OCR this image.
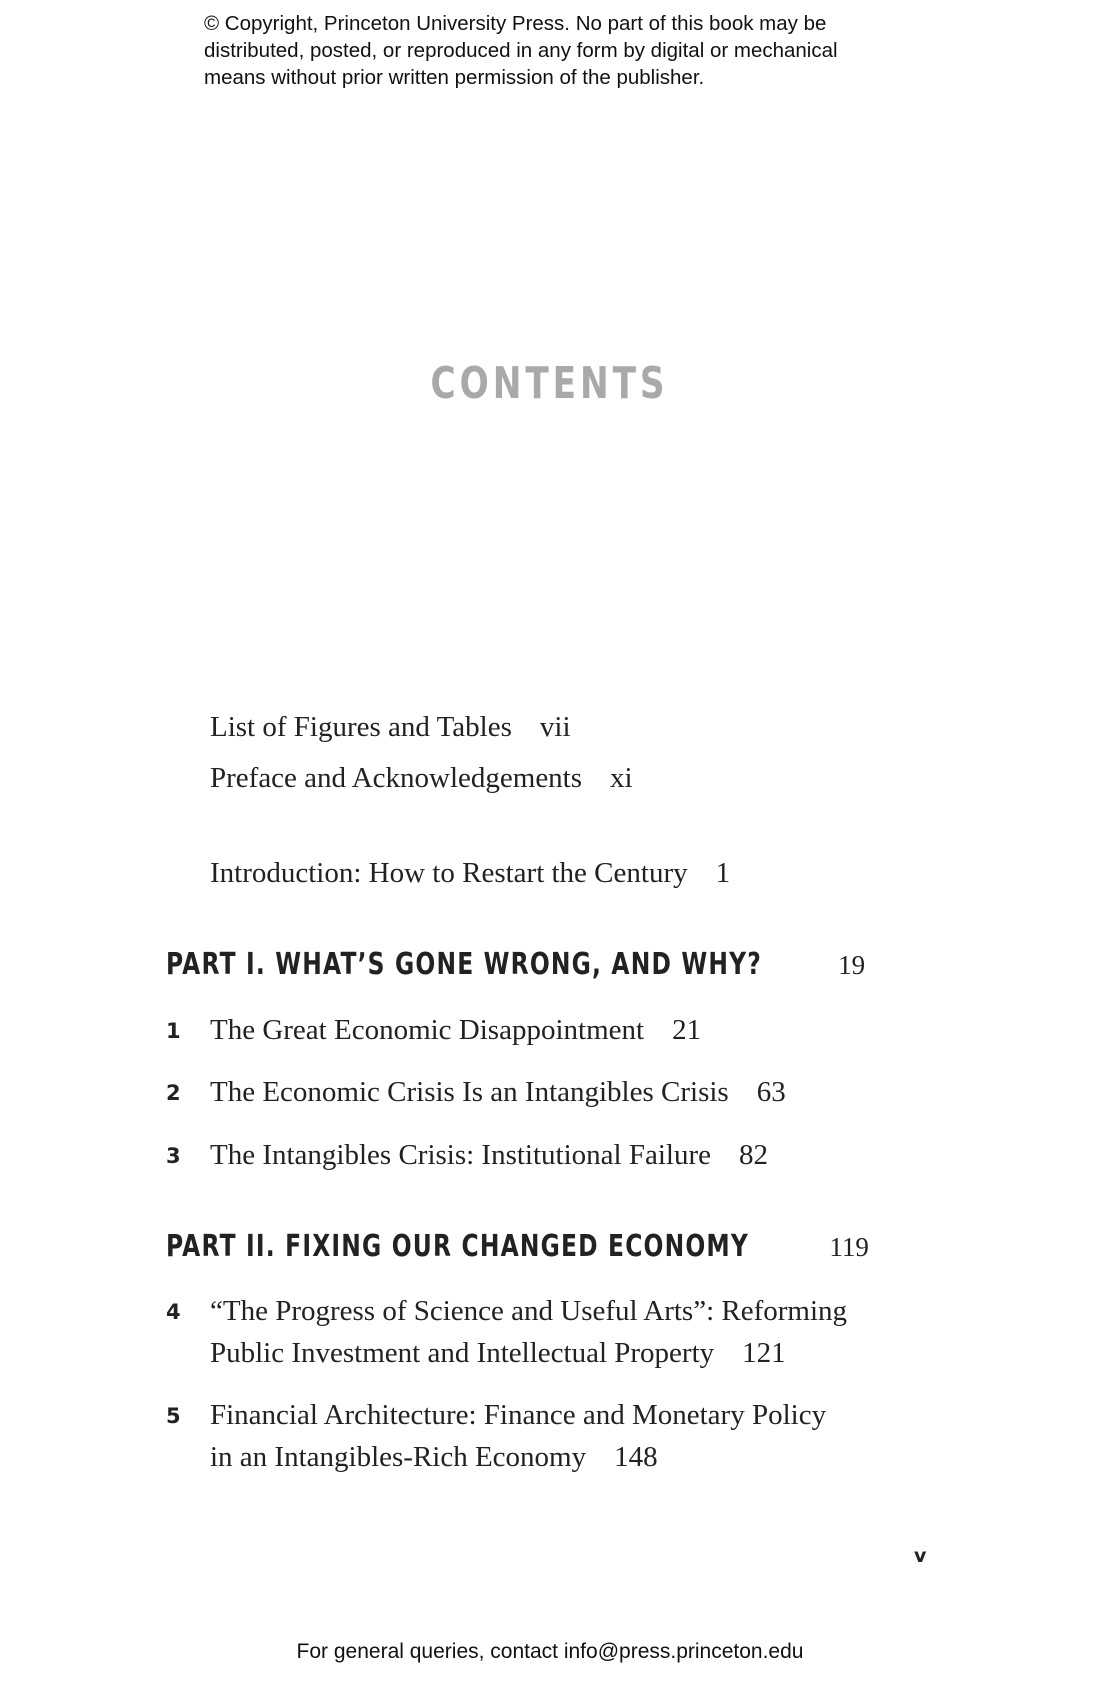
© Copyright, Princeton University Press. No part of this book may be
distributed, posted, or reproduced in any form by digital or mechanical
means without prior written permission of the publisher.
CONTENTS
List of Figures and Tables vii
Preface and Acknowledgements xi
Introduction: How to Restart the Century 1
PART I. WHAT’S GONE WRONG, AND WHY?	19
1 The Great Economic Disappointment 21
2 The Economic Crisis Is an Intangibles Crisis 63
3 The Intangibles Crisis: Institutional Failure 82
PART II. FIXING OUR CHANGED ECONOMY	119
4 “The Progress of Science and Useful Arts”: Reforming
Public Investment and Intellectual Property 121
5 Financial Architecture: Finance and Monetary Policy
in an Intangibles-Rich Economy 148
v
For general queries, contact info@press.princeton.edu
